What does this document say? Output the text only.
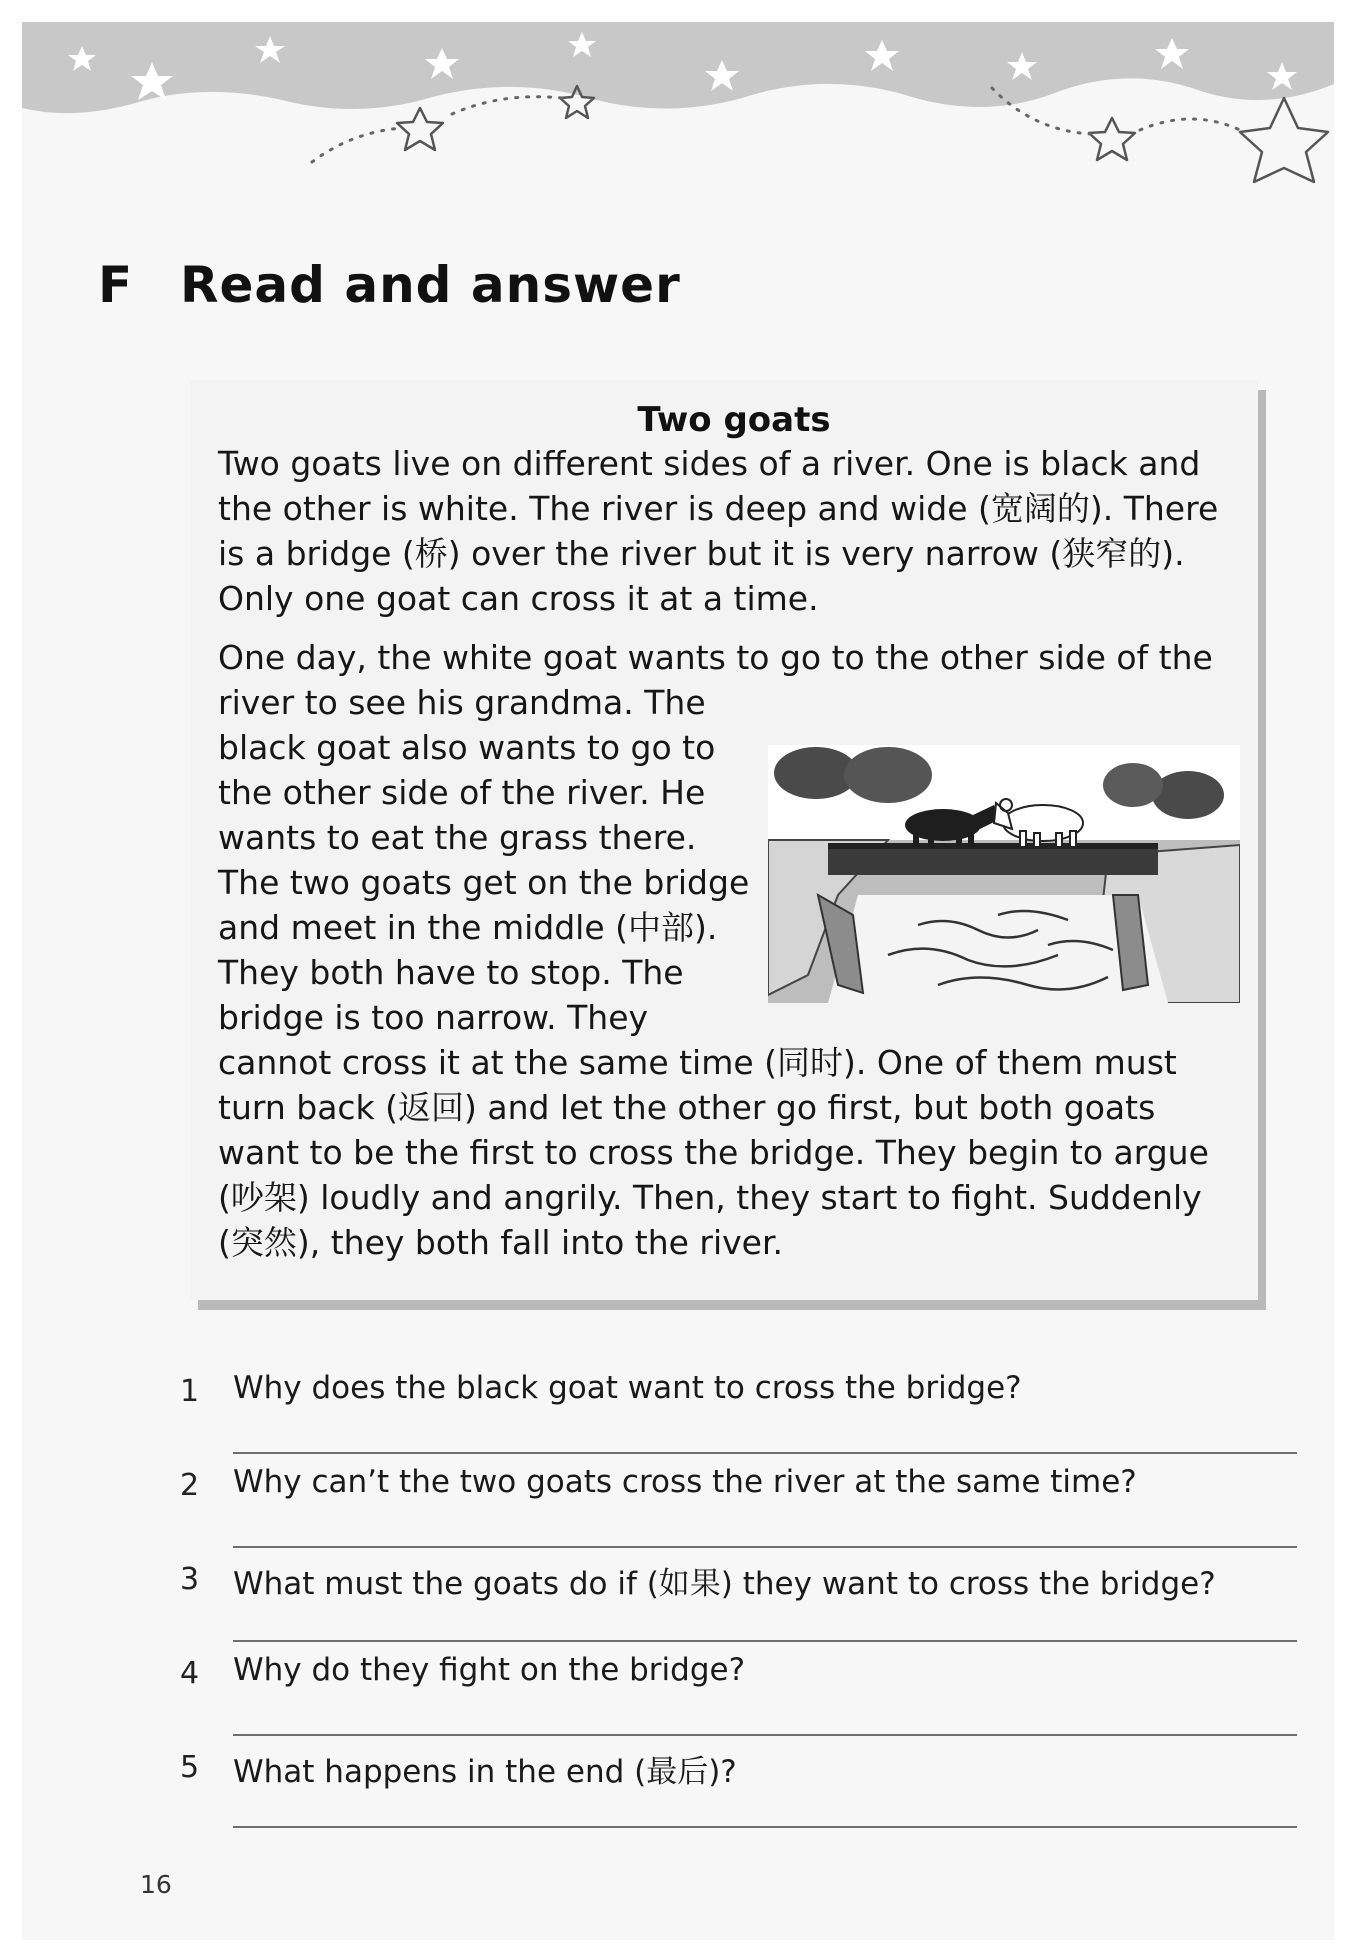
F Read and answer
Two goats
Two goats live on different sides of a river. One is black and
the other is white. The river is deep and wide (宽阔的). There
is a bridge (桥) over the river but it is very narrow (狭窄的).
Only one goat can cross it at a time.
One day, the white goat wants to go to the other side of the
river to see his grandma. The
black goat also wants to go to
the other side of the river. He
wants to eat the grass there.
The two goats get on the bridge
and meet in the middle (中部).
They both have to stop. The
bridge is too narrow. They
cannot cross it at the same time (同时). One of them must
turn back (返回) and let the other go first, but both goats
want to be the first to cross the bridge. They begin to argue
(吵架) loudly and angrily. Then, they start to fight. Suddenly
(突然), they both fall into the river.
1 Why does the black goat want to cross the bridge?
2 Why can’t the two goats cross the river at the same time?
3 What must the goats do if (如果) they want to cross the bridge?
4 Why do they fight on the bridge?
5 What happens in the end (最后)?
16
